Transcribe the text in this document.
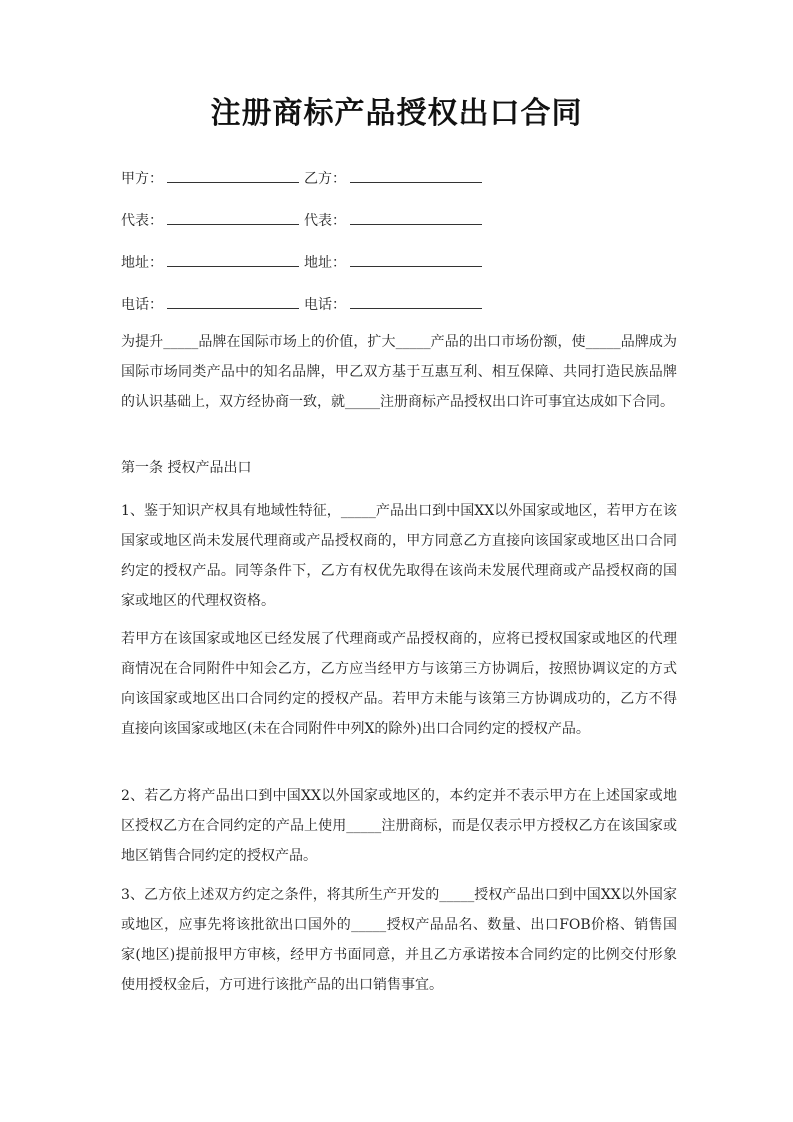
注册商标产品授权出口合同
甲方：	乙方：
代表：	代表：
地址：	地址：
电话：	电话：

为提升_____品牌在国际市场上的价值，扩大_____产品的出口市场份额，使_____品牌成为国际市场同类产品中的知名品牌，甲乙双方基于互惠互利、相互保障、共同打造民族品牌的认识基础上，双方经协商一致，就_____注册商标产品授权出口许可事宜达成如下合同。

第一条 授权产品出口

1、鉴于知识产权具有地域性特征，_____产品出口到中国XX以外国家或地区，若甲方在该国家或地区尚未发展代理商或产品授权商的，甲方同意乙方直接向该国家或地区出口合同约定的授权产品。同等条件下，乙方有权优先取得在该尚未发展代理商或产品授权商的国家或地区的代理权资格。

若甲方在该国家或地区已经发展了代理商或产品授权商的，应将已授权国家或地区的代理商情况在合同附件中知会乙方，乙方应当经甲方与该第三方协调后，按照协调议定的方式向该国家或地区出口合同约定的授权产品。若甲方未能与该第三方协调成功的，乙方不得直接向该国家或地区(未在合同附件中列X的除外)出口合同约定的授权产品。

2、若乙方将产品出口到中国XX以外国家或地区的，本约定并不表示甲方在上述国家或地区授权乙方在合同约定的产品上使用_____注册商标，而是仅表示甲方授权乙方在该国家或地区销售合同约定的授权产品。

3、乙方依上述双方约定之条件，将其所生产开发的_____授权产品出口到中国XX以外国家或地区，应事先将该批欲出口国外的_____授权产品品名、数量、出口FOB价格、销售国家(地区)提前报甲方审核，经甲方书面同意，并且乙方承诺按本合同约定的比例交付形象使用授权金后，方可进行该批产品的出口销售事宜。
